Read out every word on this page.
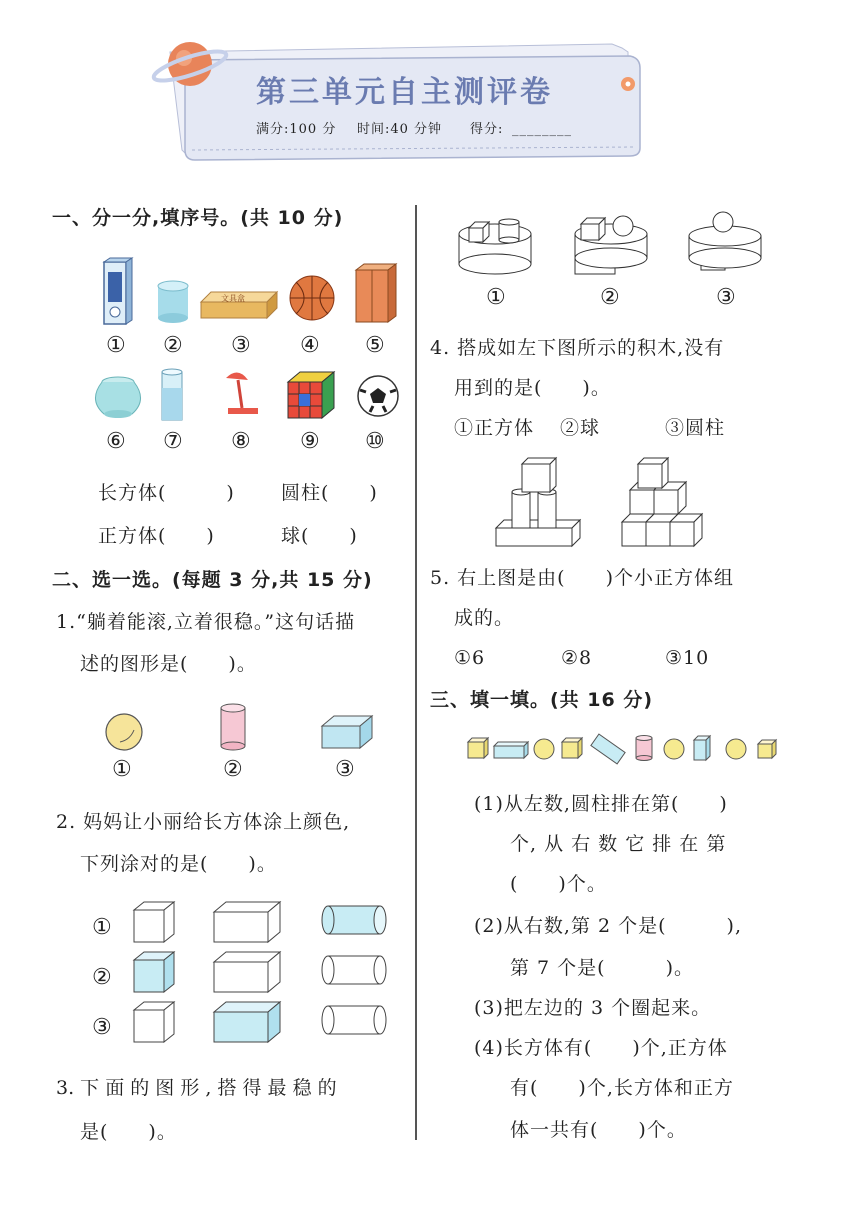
第三单元自主测评卷
满分:100 分 时间:40 分钟 得分: ________
一、分一分,填序号。(共 10 分)
文具盒
① ② ③ ④ ⑤
⑥ ⑦ ⑧ ⑨ ⑩
长方体(　　　) 圆柱(　　)
正方体(　　)	球(　　)
二、选一选。(每题 3 分,共 15 分)
1.“躺着能滚,立着很稳。”这句话描
述的图形是(　　)。
①	②	③
2. 妈妈让小丽给长方体涂上颜色,
下列涂对的是(　　)。
①
②
③
3. 下 面 的 图 形 , 搭 得 最 稳 的
是(　　)。
①	②	③
4. 搭成如左下图所示的积木,没有
用到的是(　　)。
①正方体 ②球	③圆柱
5. 右上图是由(　　)个小正方体组
成的。
①6	②8	③10
三、填一填。(共 16 分)
(1)从左数,圆柱排在第(　　)
个, 从 右 数 它 排 在 第
(　　)个。
(2)从右数,第 2 个是(　　　),
第 7 个是(　　　)。
(3)把左边的 3 个圈起来。
(4)长方体有(　　)个,正方体
有(　　)个,长方体和正方
体一共有(　　)个。
